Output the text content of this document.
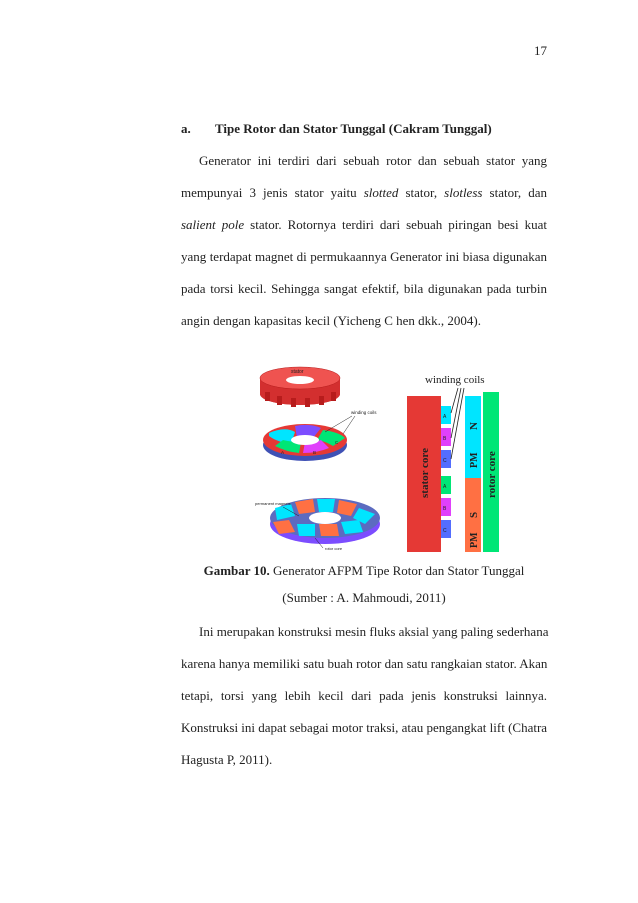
17
a. Tipe Rotor dan Stator Tunggal (Cakram Tunggal)
Generator ini terdiri dari sebuah rotor dan sebuah stator yang
mempunyai 3 jenis stator yaitu slotted stator, slotless stator, dan
salient pole stator. Rotornya terdiri dari sebuah piringan besi kuat
yang terdapat magnet di permukaannya Generator ini biasa digunakan
pada torsi kecil. Sehingga sangat efektif, bila digunakan pada turbin
angin dengan kapasitas kecil (Yicheng C hen dkk., 2004).
stator
A	B
C
winding coils
permanent magnets
rotor core
winding coils
stator core
A
B
C
A
B
C
PM
N
PM
S
rotor core
Gambar 10. Generator AFPM Tipe Rotor dan Stator Tunggal
(Sumber : A. Mahmoudi, 2011)
Ini merupakan konstruksi mesin fluks aksial yang paling sederhana
karena hanya memiliki satu buah rotor dan satu rangkaian stator. Akan
tetapi, torsi yang lebih kecil dari pada jenis konstruksi lainnya.
Konstruksi ini dapat sebagai motor traksi, atau pengangkat lift (Chatra
Hagusta P, 2011).
